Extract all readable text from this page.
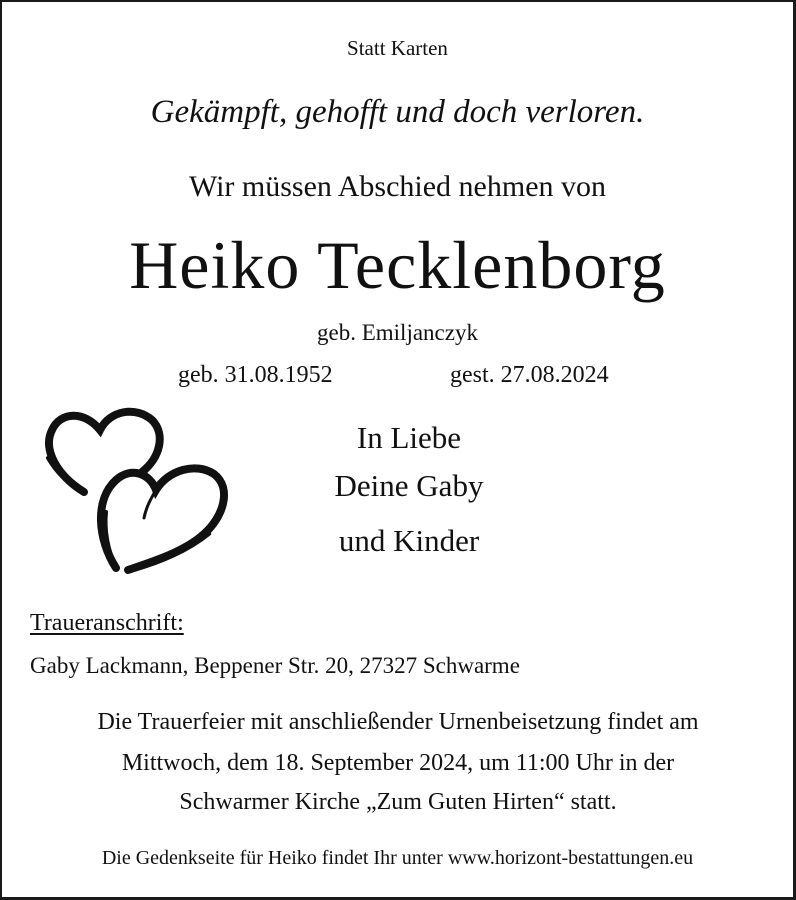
Statt Karten
Gekämpft, gehofft und doch verloren.
Wir müssen Abschied nehmen von
Heiko Tecklenborg
geb. Emiljanczyk
geb. 31.08.1952	gest. 27.08.2024
In Liebe
Deine Gaby
und Kinder
Traueranschrift:
Gaby Lackmann, Beppener Str. 20, 27327 Schwarme
Die Trauerfeier mit anschließender Urnenbeisetzung findet am
Mittwoch, dem 18. September 2024, um 11:00 Uhr in der
Schwarmer Kirche „Zum Guten Hirten“ statt.
Die Gedenkseite für Heiko findet Ihr unter www.horizont-bestattungen.eu
